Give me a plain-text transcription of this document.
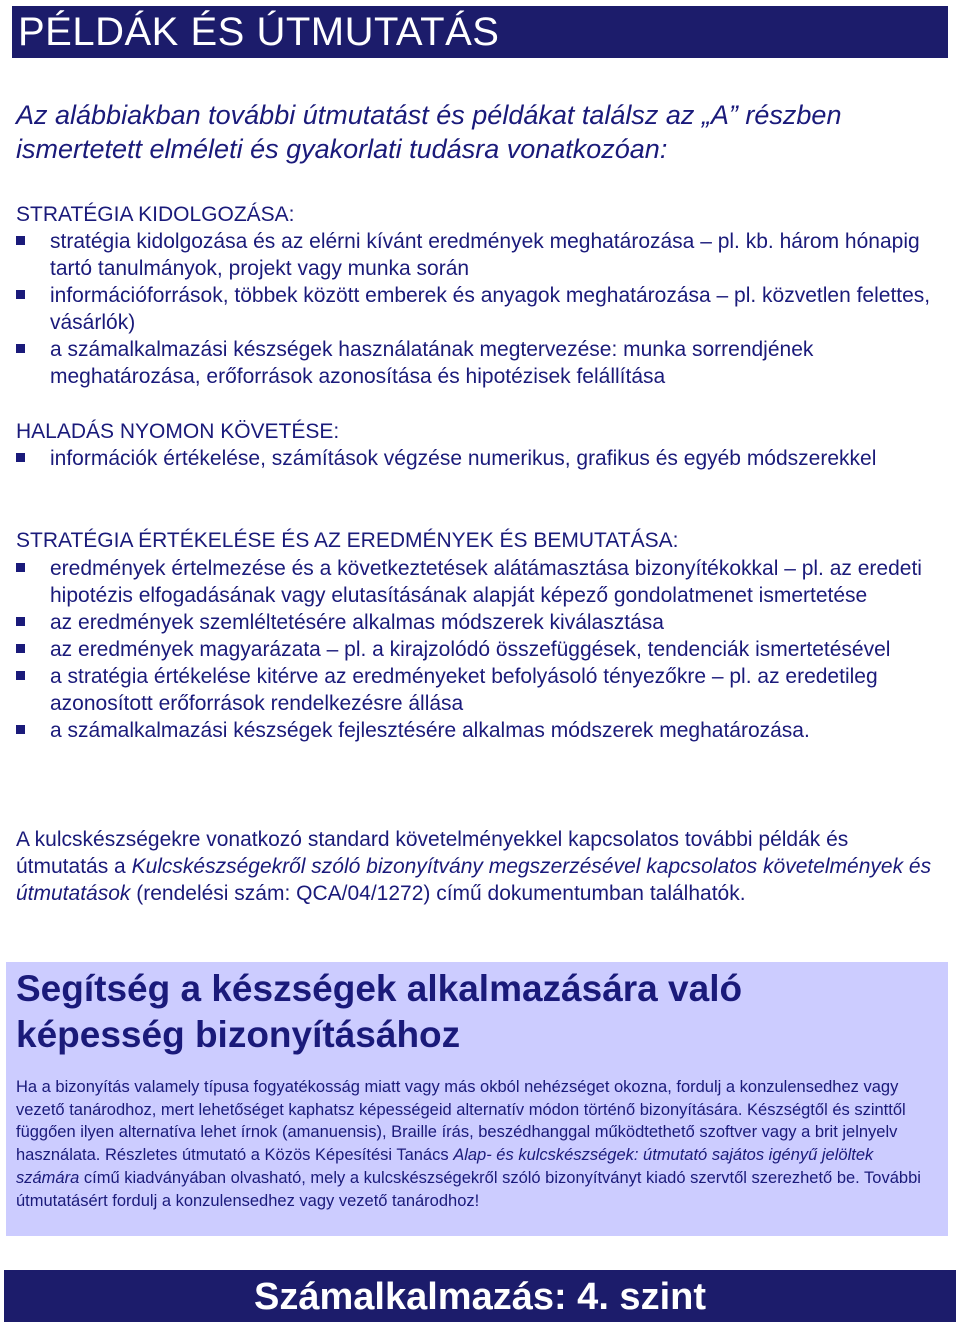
PÉLDÁK ÉS ÚTMUTATÁS
Az alábbiakban további útmutatást és példákat találsz az „A” részben ismertetett elméleti és gyakorlati tudásra vonatkozóan:
STRATÉGIA KIDOLGOZÁSA:
stratégia kidolgozása és az elérni kívánt eredmények meghatározása – pl. kb. három hónapig tartó tanulmányok, projekt vagy munka során
információforrások, többek között emberek és anyagok meghatározása – pl. közvetlen felettes, vásárlók)
a számalkalmazási készségek használatának megtervezése: munka sorrendjének meghatározása, erőforrások azonosítása és hipotézisek felállítása
HALADÁS NYOMON KÖVETÉSE:
információk értékelése, számítások végzése numerikus, grafikus és egyéb módszerekkel
STRATÉGIA ÉRTÉKELÉSE ÉS AZ EREDMÉNYEK ÉS BEMUTATÁSA:
eredmények értelmezése és a következtetések alátámasztása bizonyítékokkal – pl. az eredeti hipotézis elfogadásának vagy elutasításának alapját képező gondolatmenet ismertetése
az eredmények szemléltetésére alkalmas módszerek kiválasztása
az eredmények magyarázata – pl. a kirajzolódó összefüggések, tendenciák ismertetésével
a stratégia értékelése kitérve az eredményeket befolyásoló tényezőkre – pl. az eredetileg azonosított erőforrások rendelkezésre állása
a számalkalmazási készségek fejlesztésére alkalmas módszerek meghatározása.
A kulcskészségekre vonatkozó standard követelményekkel kapcsolatos további példák és útmutatás a Kulcskészségekről szóló bizonyítvány megszerzésével kapcsolatos követelmények és útmutatások (rendelési szám: QCA/04/1272) című dokumentumban találhatók.
Segítség a készségek alkalmazására való képesség bizonyításához
Ha a bizonyítás valamely típusa fogyatékosság miatt vagy más okból nehézséget okozna, fordulj a konzulensedhez vagy vezető tanárodhoz, mert lehetőséget kaphatsz képességeid alternatív módon történő bizonyítására. Készségtől és szinttől függően ilyen alternatíva lehet írnok (amanuensis), Braille írás, beszédhanggal működtethető szoftver vagy a brit jelnyelv használata. Részletes útmutató a Közös Képesítési Tanács Alap- és kulcskészségek: útmutató sajátos igényű jelöltek számára című kiadványában olvasható, mely a kulcskészségekről szóló bizonyítványt kiadó szervtől szerezhető be. További útmutatásért fordulj a konzulensedhez vagy vezető tanárodhoz!
Számalkalmazás: 4. szint
